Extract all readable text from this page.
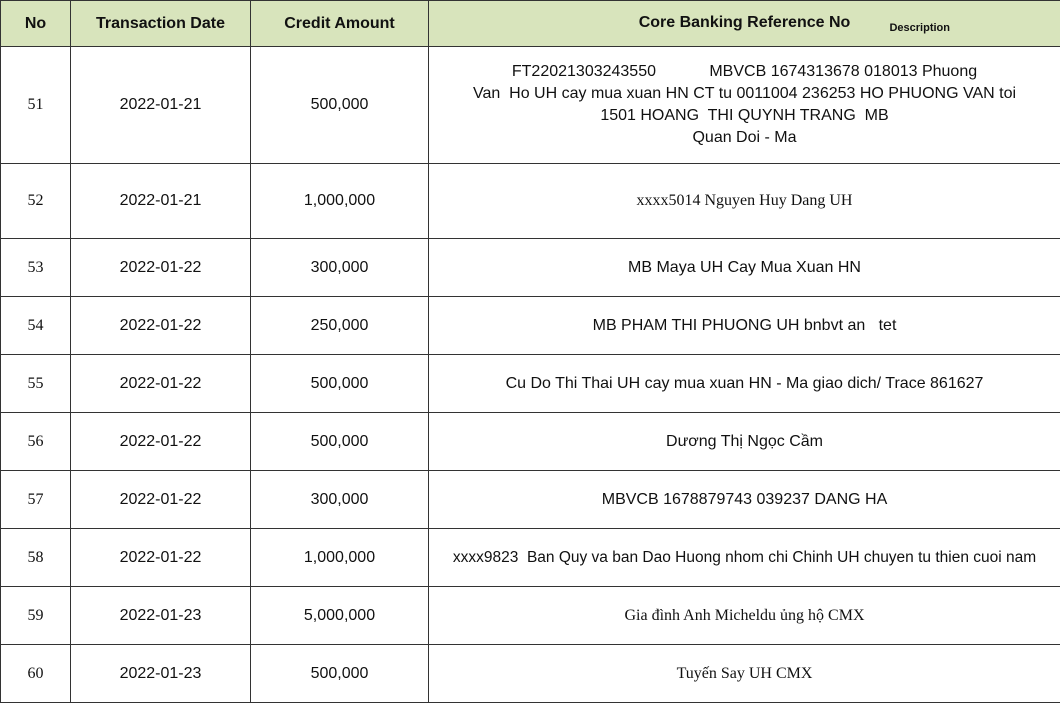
No	Transaction Date	Credit Amount	Core Banking Reference No Description

51	2022-01-21	500,000	FT22021303243550            MBVCB 1674313678 018013 Phuong
Van  Ho UH cay mua xuan HN CT tu 0011004 236253 HO PHUONG VAN toi
1501 HOANG  THI QUYNH TRANG  MB
Quan Doi - Ma

52	2022-01-21	1,000,000	xxxx5014 Nguyen Huy Dang UH
53	2022-01-22	300,000	MB Maya UH Cay Mua Xuan HN
54	2022-01-22	250,000	MB PHAM THI PHUONG UH bnbvt an   tet
55	2022-01-22	500,000	Cu Do Thi Thai UH cay mua xuan HN - Ma giao dich/ Trace 861627
56	2022-01-22	500,000	Dương Thị Ngọc Cầm
57	2022-01-22	300,000	MBVCB 1678879743 039237 DANG HA
58	2022-01-22	1,000,000	xxxx9823  Ban Quy va ban Dao Huong nhom chi Chinh UH chuyen tu thien cuoi nam
59	2022-01-23	5,000,000	Gia đình Anh Micheldu ủng hộ CMX
60	2022-01-23	500,000	Tuyến Say UH CMX
